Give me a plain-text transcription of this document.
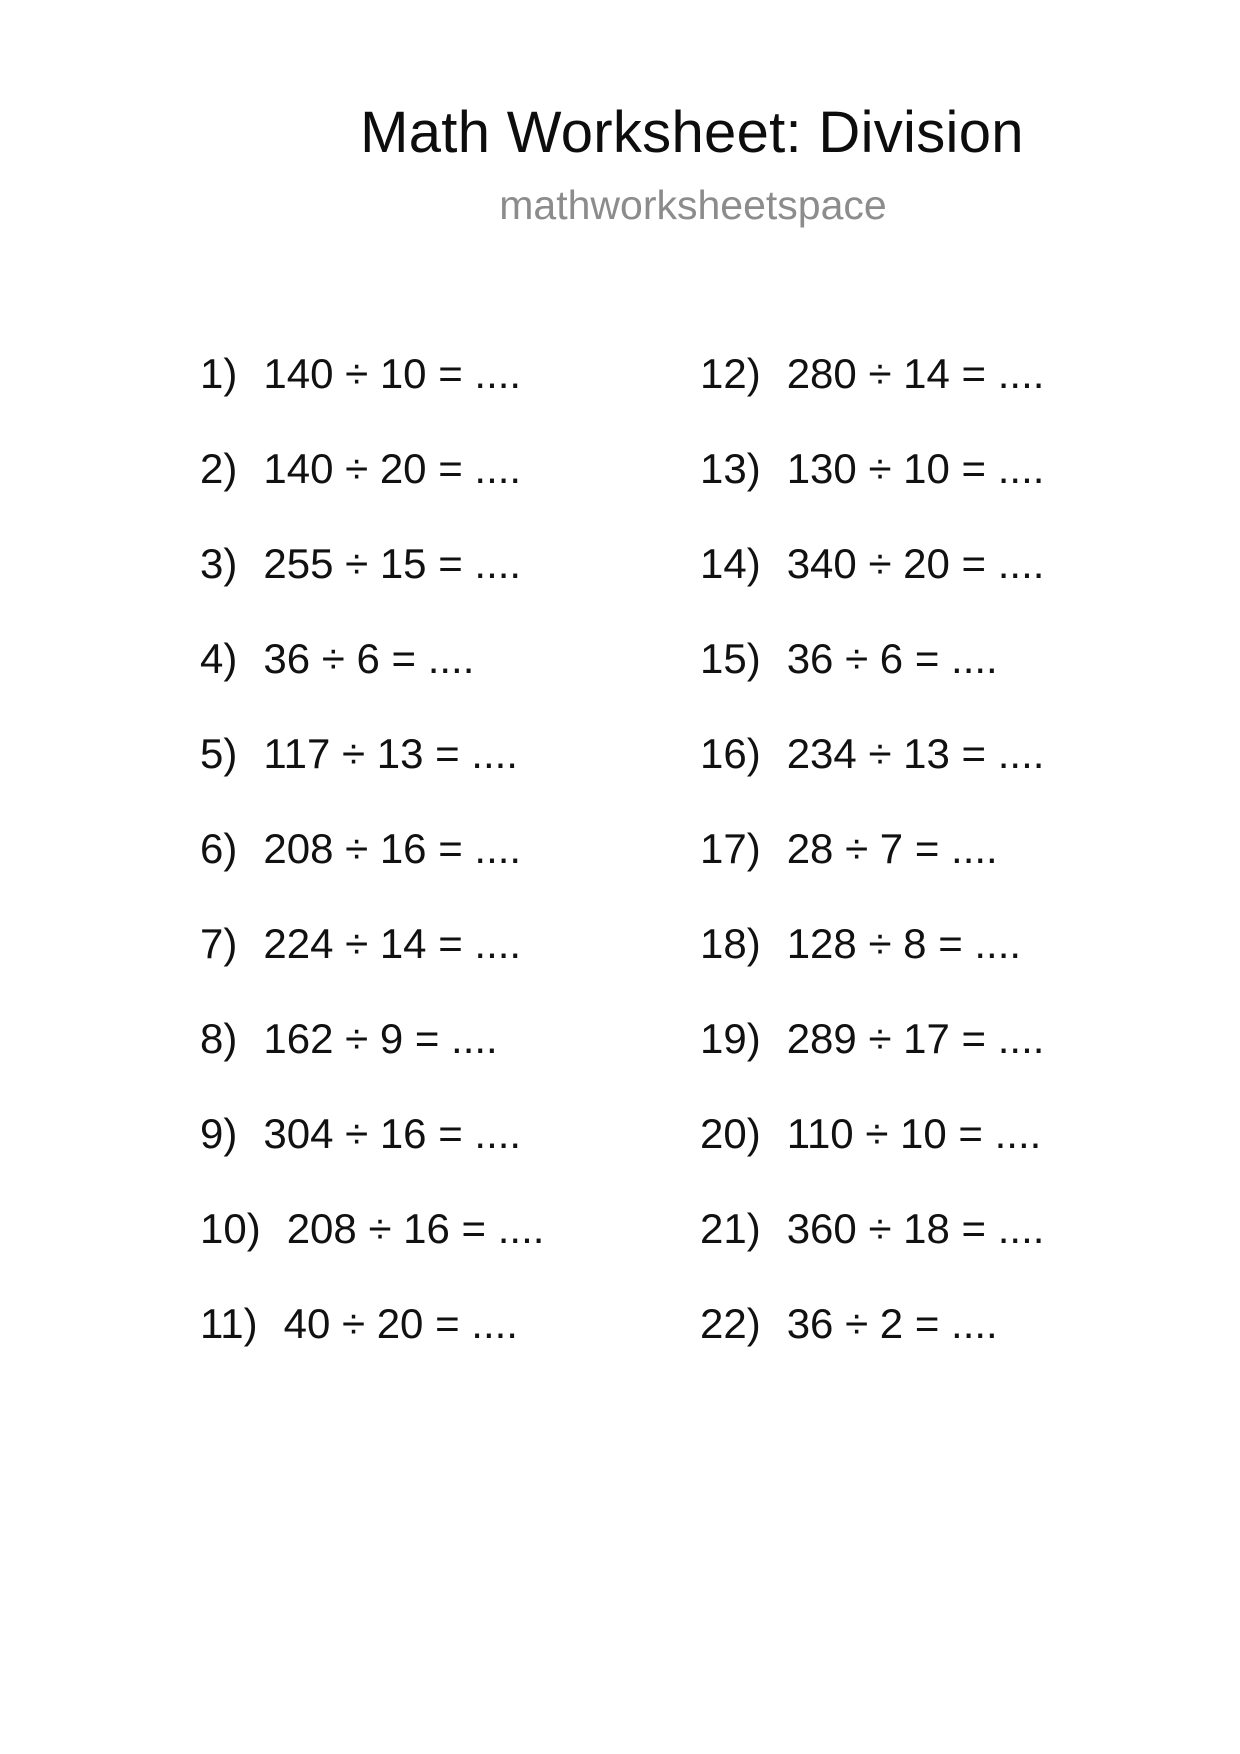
Math Worksheet: Division
mathworksheetspace
1) 140 ÷ 10 = ....
2) 140 ÷ 20 = ....
3) 255 ÷ 15 = ....
4) 36 ÷ 6 = ....
5) 117 ÷ 13 = ....
6) 208 ÷ 16 = ....
7) 224 ÷ 14 = ....
8) 162 ÷ 9 = ....
9) 304 ÷ 16 = ....
10) 208 ÷ 16 = ....
11) 40 ÷ 20 = ....
12) 280 ÷ 14 = ....
13) 130 ÷ 10 = ....
14) 340 ÷ 20 = ....
15) 36 ÷ 6 = ....
16) 234 ÷ 13 = ....
17) 28 ÷ 7 = ....
18) 128 ÷ 8 = ....
19) 289 ÷ 17 = ....
20) 110 ÷ 10 = ....
21) 360 ÷ 18 = ....
22) 36 ÷ 2 = ....
